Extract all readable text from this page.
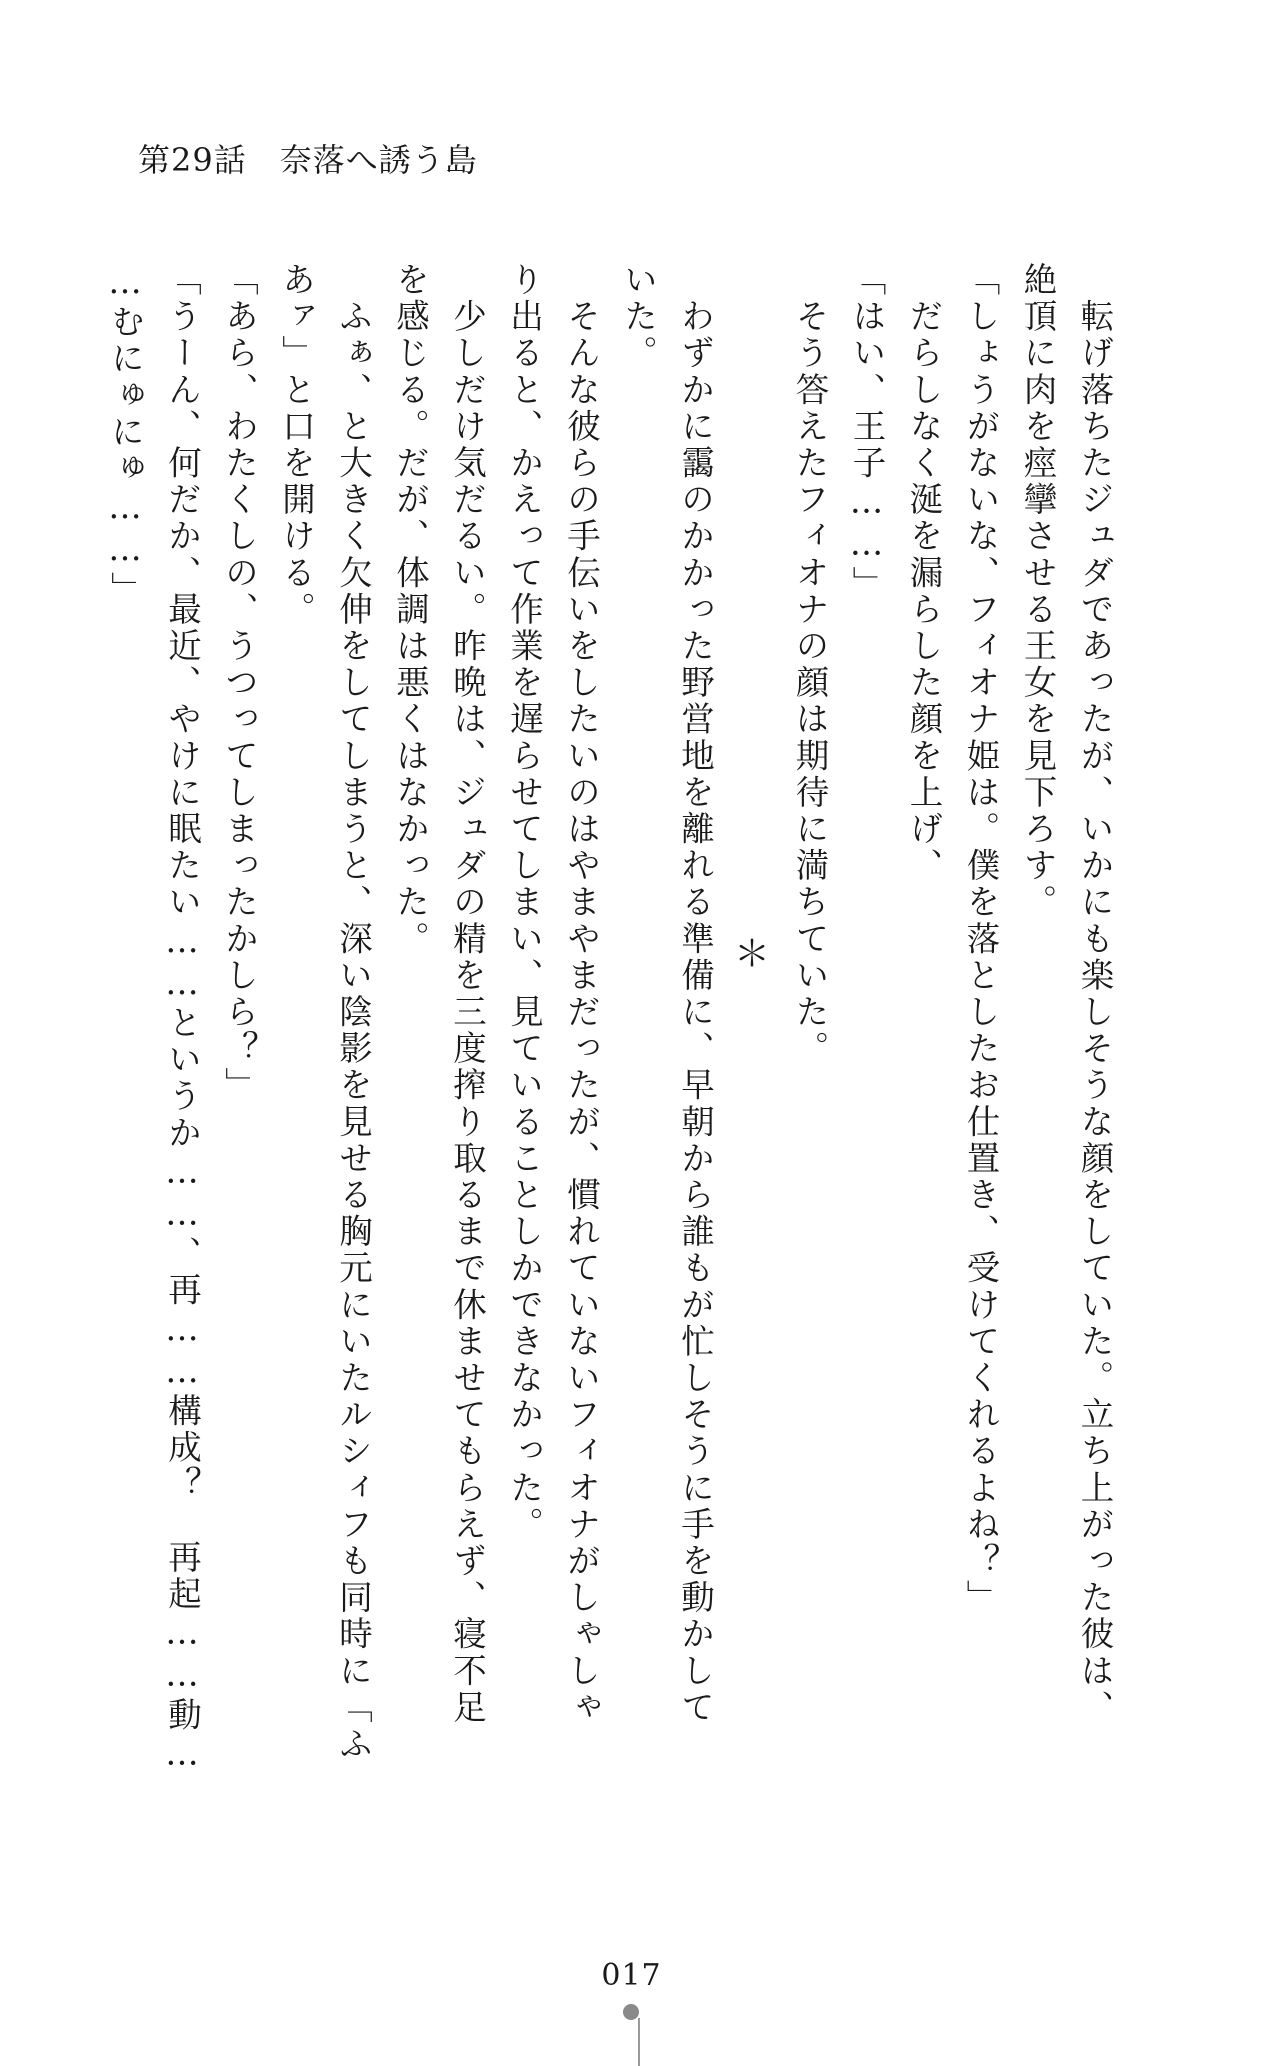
第29話　奈落へ誘う島

　転げ落ちたジュダであったが、いかにも楽しそうな顔をしていた。立ち上がった彼は、

絶頂に肉を痙攣させる王女を見下ろす。

「しょうがないな、フィオナ姫は。僕を落としたお仕置き、受けてくれるよね？」

　だらしなく涎を漏らした顔を上げ、

「はい、王子……」

　そう答えたフィオナの顔は期待に満ちていた。

＊

　わずかに靄のかかった野営地を離れる準備に、早朝から誰もが忙しそうに手を動かして

いた。

　そんな彼らの手伝いをしたいのはやまやまだったが、慣れていないフィオナがしゃしゃ

り出ると、かえって作業を遅らせてしまい、見ていることしかできなかった。

　少しだけ気だるい。昨晩は、ジュダの精を三度搾り取るまで休ませてもらえず、寝不足

を感じる。だが、体調は悪くはなかった。

　ふぁ、と大きく欠伸をしてしまうと、深い陰影を見せる胸元にいたルシィフも同時に「ふ

あァ」と口を開ける。

「あら、わたくしの、うつってしまったかしら？」

「うーん、何だか、最近、やけに眠たい……というか……、再……構成？　再起……動…

…むにゅにゅ……」

017
